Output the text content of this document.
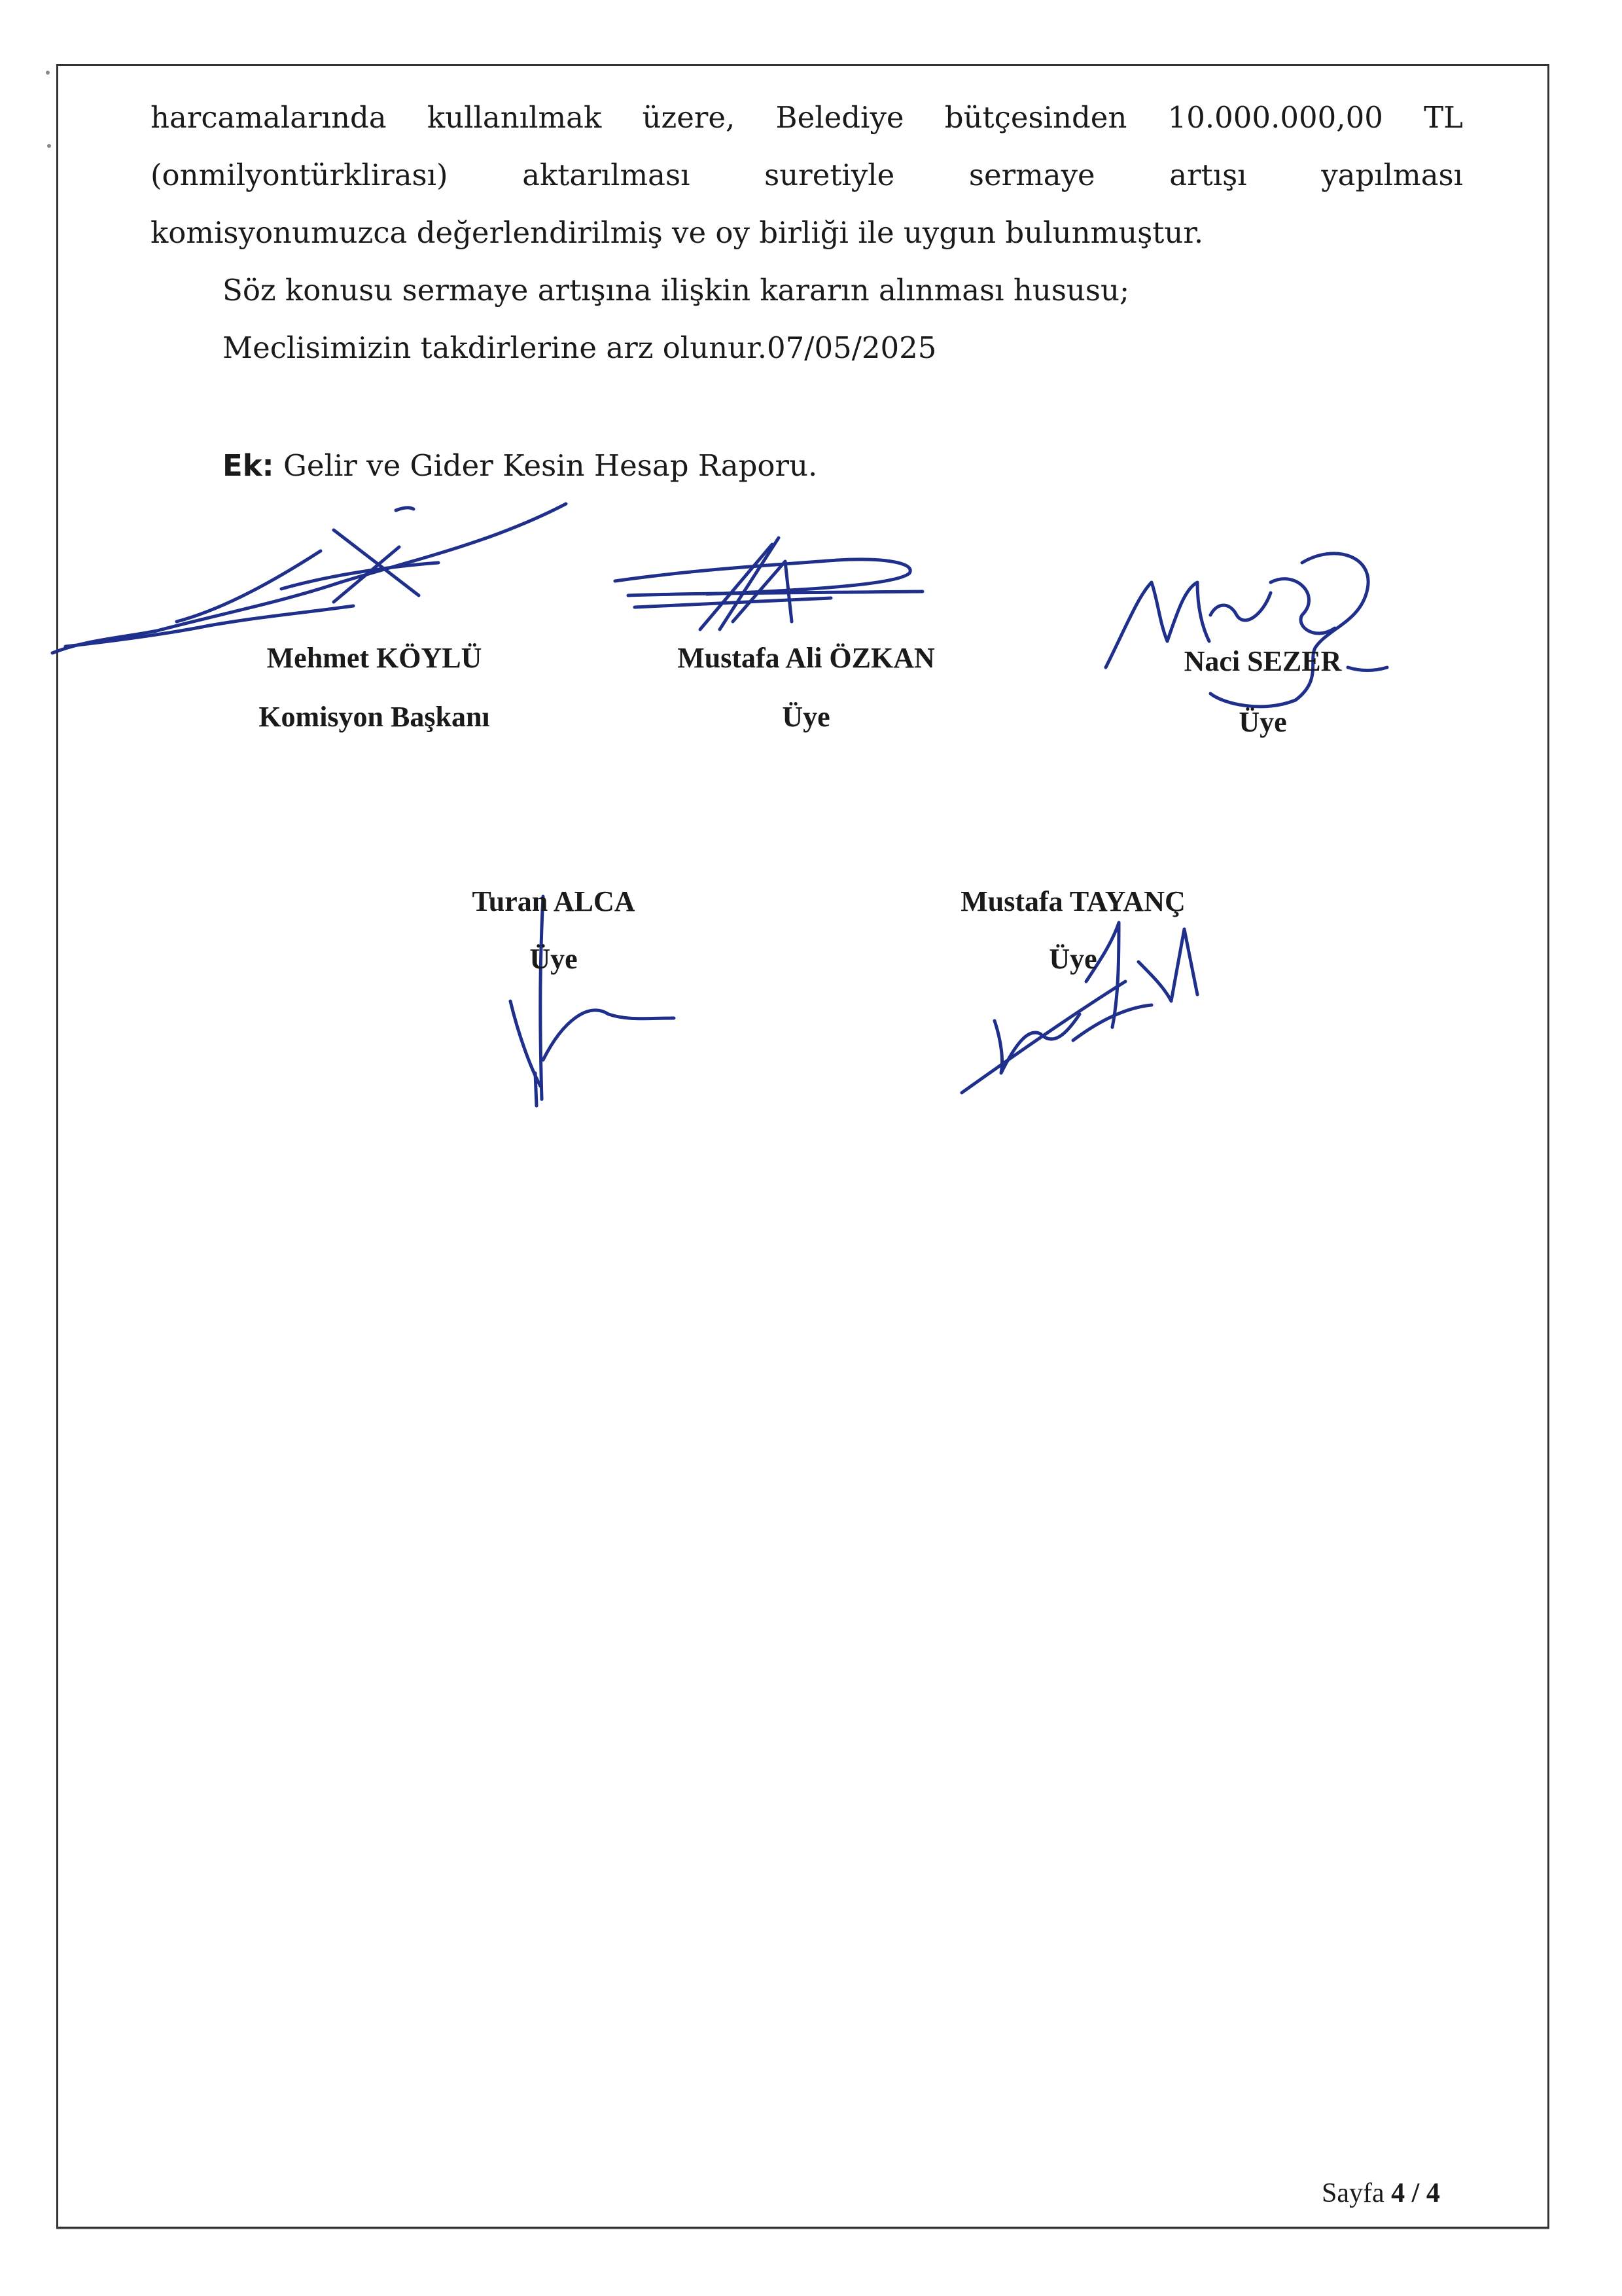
harcamalarında kullanılmak üzere, Belediye bütçesinden 10.000.000,00 TL
(onmilyontürklirası)	aktarılması	suretiyle	sermaye	artışı	yapılması
komisyonumuzca değerlendirilmiş ve oy birliği ile uygun bulunmuştur.
Söz konusu sermaye artışına ilişkin kararın alınması hususu;
Meclisimizin takdirlerine arz olunur.07/05/2025
Ek: Gelir ve Gider Kesin Hesap Raporu.
Mehmet KÖYLÜ
Komisyon Başkanı
Mustafa Ali ÖZKAN
Üye
Naci SEZER
Üye
Turan ALCA
Üye
Mustafa TAYANÇ
Üye
Sayfa 4 / 4
